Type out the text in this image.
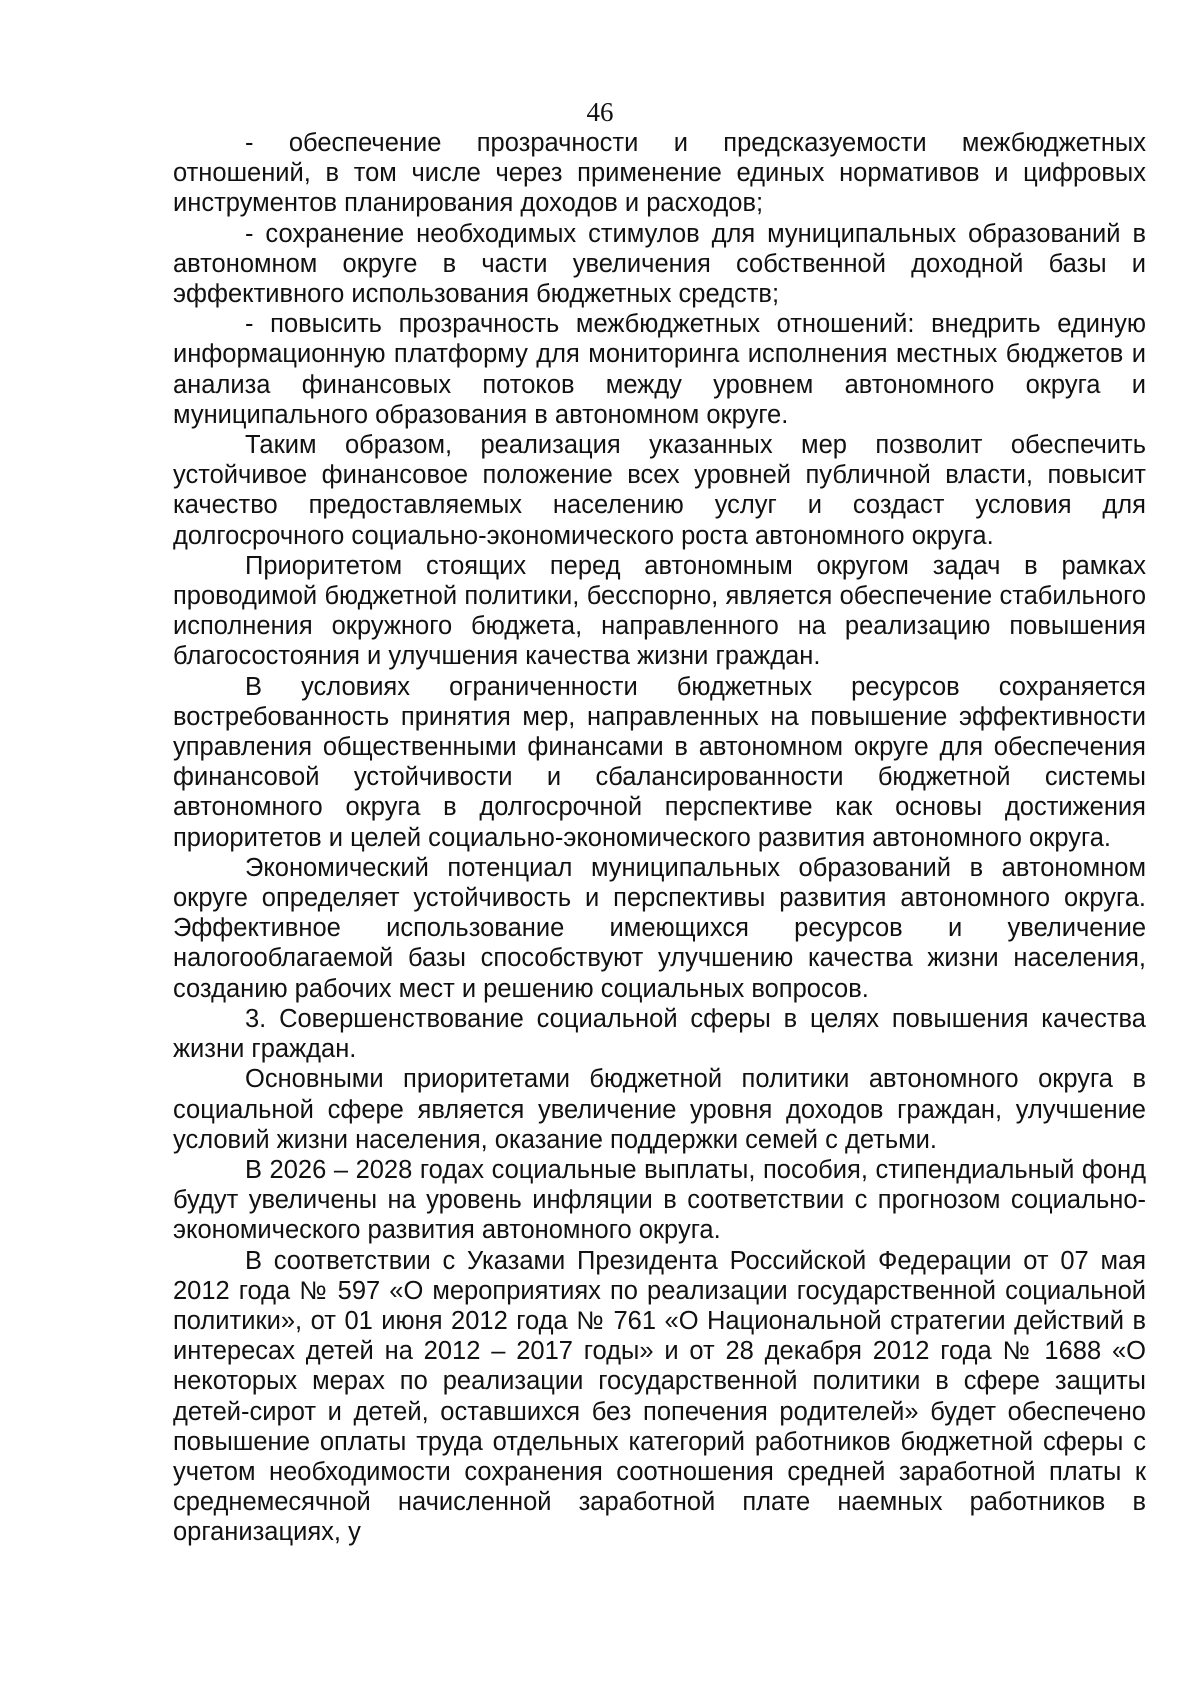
46

- обеспечение прозрачности и предсказуемости межбюджетных отношений, в том числе через применение единых нормативов и цифровых инструментов планирования доходов и расходов;

- сохранение необходимых стимулов для муниципальных образований в автономном округе в части увеличения собственной доходной базы и эффективного использования бюджетных средств;

- повысить прозрачность межбюджетных отношений: внедрить единую информационную платформу для мониторинга исполнения местных бюджетов и анализа финансовых потоков между уровнем автономного округа и муниципального образования в автономном округе.

Таким образом, реализация указанных мер позволит обеспечить устойчивое финансовое положение всех уровней публичной власти, повысит качество предоставляемых населению услуг и создаст условия для долгосрочного социально-экономического роста автономного округа.

Приоритетом стоящих перед автономным округом задач в рамках проводимой бюджетной политики, бесспорно, является обеспечение стабильного исполнения окружного бюджета, направленного на реализацию повышения благосостояния и улучшения качества жизни граждан.

В условиях ограниченности бюджетных ресурсов сохраняется востребованность принятия мер, направленных на повышение эффективности управления общественными финансами в автономном округе для обеспечения финансовой устойчивости и сбалансированности бюджетной системы автономного округа в долгосрочной перспективе как основы достижения приоритетов и целей социально-экономического развития автономного округа.

Экономический потенциал муниципальных образований в автономном округе определяет устойчивость и перспективы развития автономного округа. Эффективное использование имеющихся ресурсов и увеличение налогооблагаемой базы способствуют улучшению качества жизни населения, созданию рабочих мест и решению социальных вопросов.

3. Совершенствование социальной сферы в целях повышения качества жизни граждан.

Основными приоритетами бюджетной политики автономного округа в социальной сфере является увеличение уровня доходов граждан, улучшение условий жизни населения, оказание поддержки семей с детьми.

В 2026 – 2028 годах социальные выплаты, пособия, стипендиальный фонд будут увеличены на уровень инфляции в соответствии с прогнозом социально-экономического развития автономного округа.

В соответствии с Указами Президента Российской Федерации от 07 мая 2012 года № 597 «О мероприятиях по реализации государственной социальной политики», от 01 июня 2012 года № 761 «О Национальной стратегии действий в интересах детей на 2012 – 2017 годы» и от 28 декабря 2012 года № 1688 «О некоторых мерах по реализации государственной политики в сфере защиты детей-сирот и детей, оставшихся без попечения родителей» будет обеспечено повышение оплаты труда отдельных категорий работников бюджетной сферы с учетом необходимости сохранения соотношения средней заработной платы к среднемесячной начисленной заработной плате наемных работников в организациях, у
